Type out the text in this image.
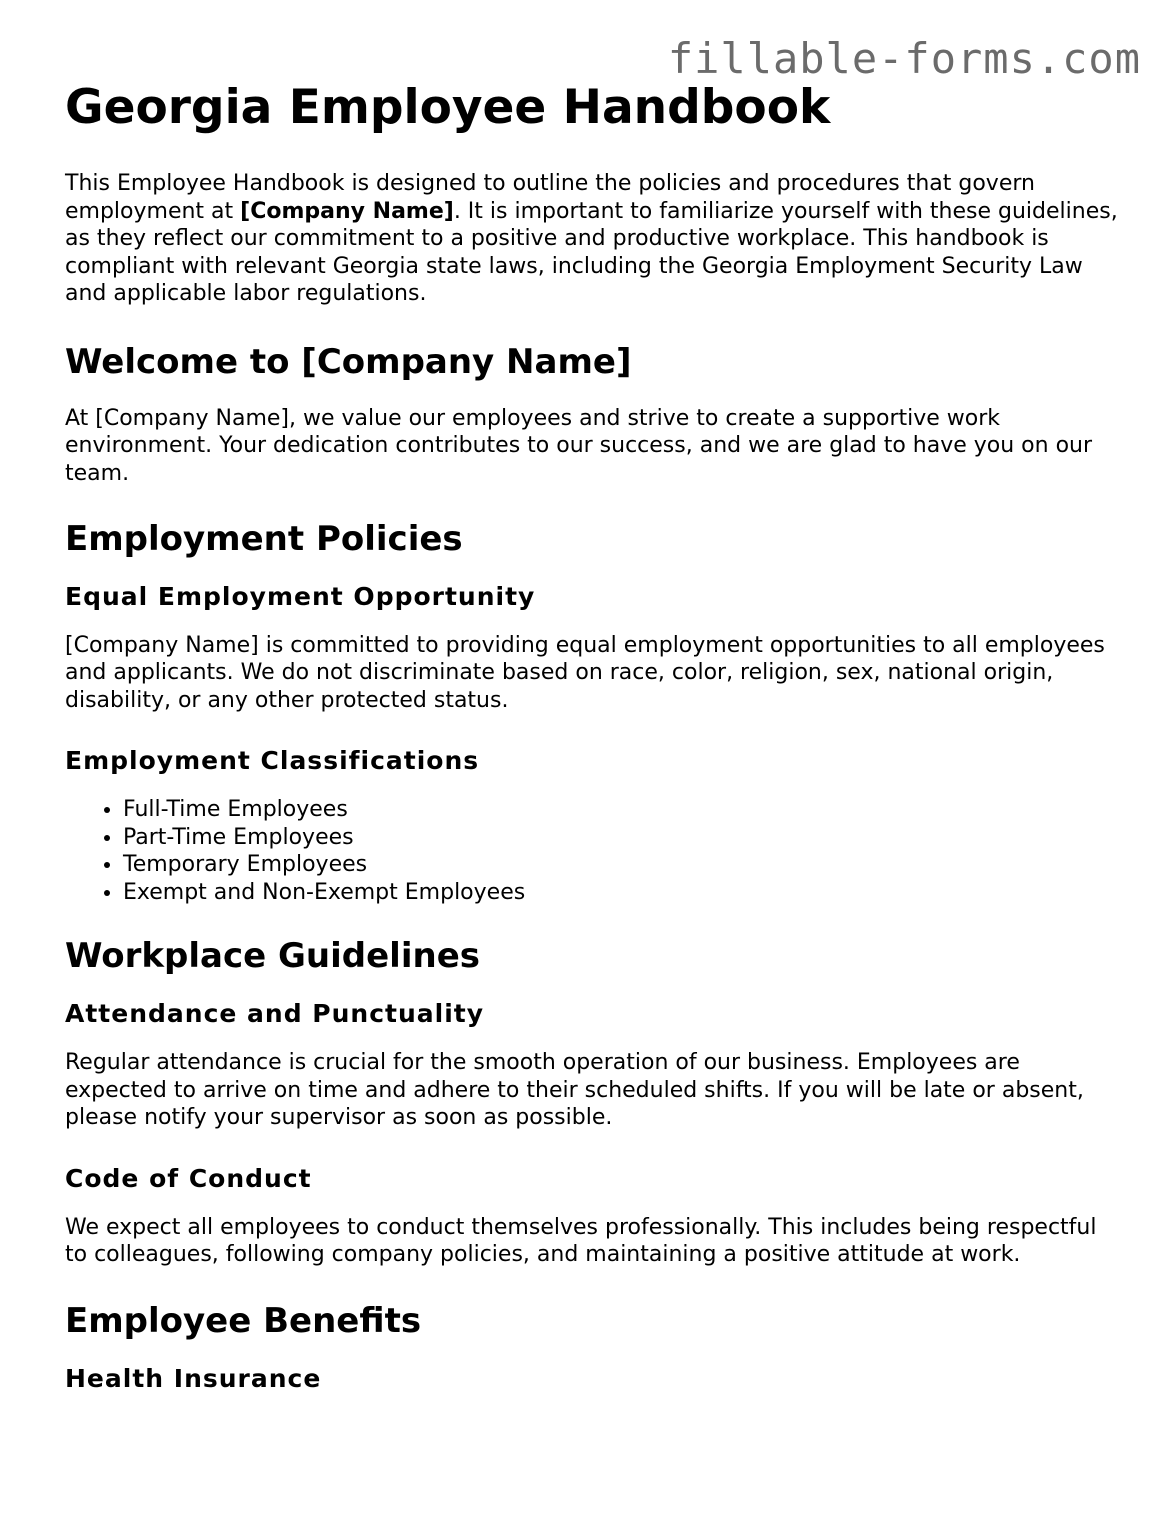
fillable-forms.com
Georgia Employee Handbook

This Employee Handbook is designed to outline the policies and procedures that govern employment at [Company Name]. It is important to familiarize yourself with these guidelines, as they reflect our commitment to a positive and productive workplace. This handbook is compliant with relevant Georgia state laws, including the Georgia Employment Security Law and applicable labor regulations.

Welcome to [Company Name]

At [Company Name], we value our employees and strive to create a supportive work environment. Your dedication contributes to our success, and we are glad to have you on our team.

Employment Policies
Equal Employment Opportunity

[Company Name] is committed to providing equal employment opportunities to all employees and applicants. We do not discriminate based on race, color, religion, sex, national origin, disability, or any other protected status.

Employment Classifications
• Full-Time Employees
• Part-Time Employees
• Temporary Employees
• Exempt and Non-Exempt Employees
Workplace Guidelines
Attendance and Punctuality

Regular attendance is crucial for the smooth operation of our business. Employees are expected to arrive on time and adhere to their scheduled shifts. If you will be late or absent, please notify your supervisor as soon as possible.

Code of Conduct

We expect all employees to conduct themselves professionally. This includes being respectful to colleagues, following company policies, and maintaining a positive attitude at work.

Employee Benefits
Health Insurance
